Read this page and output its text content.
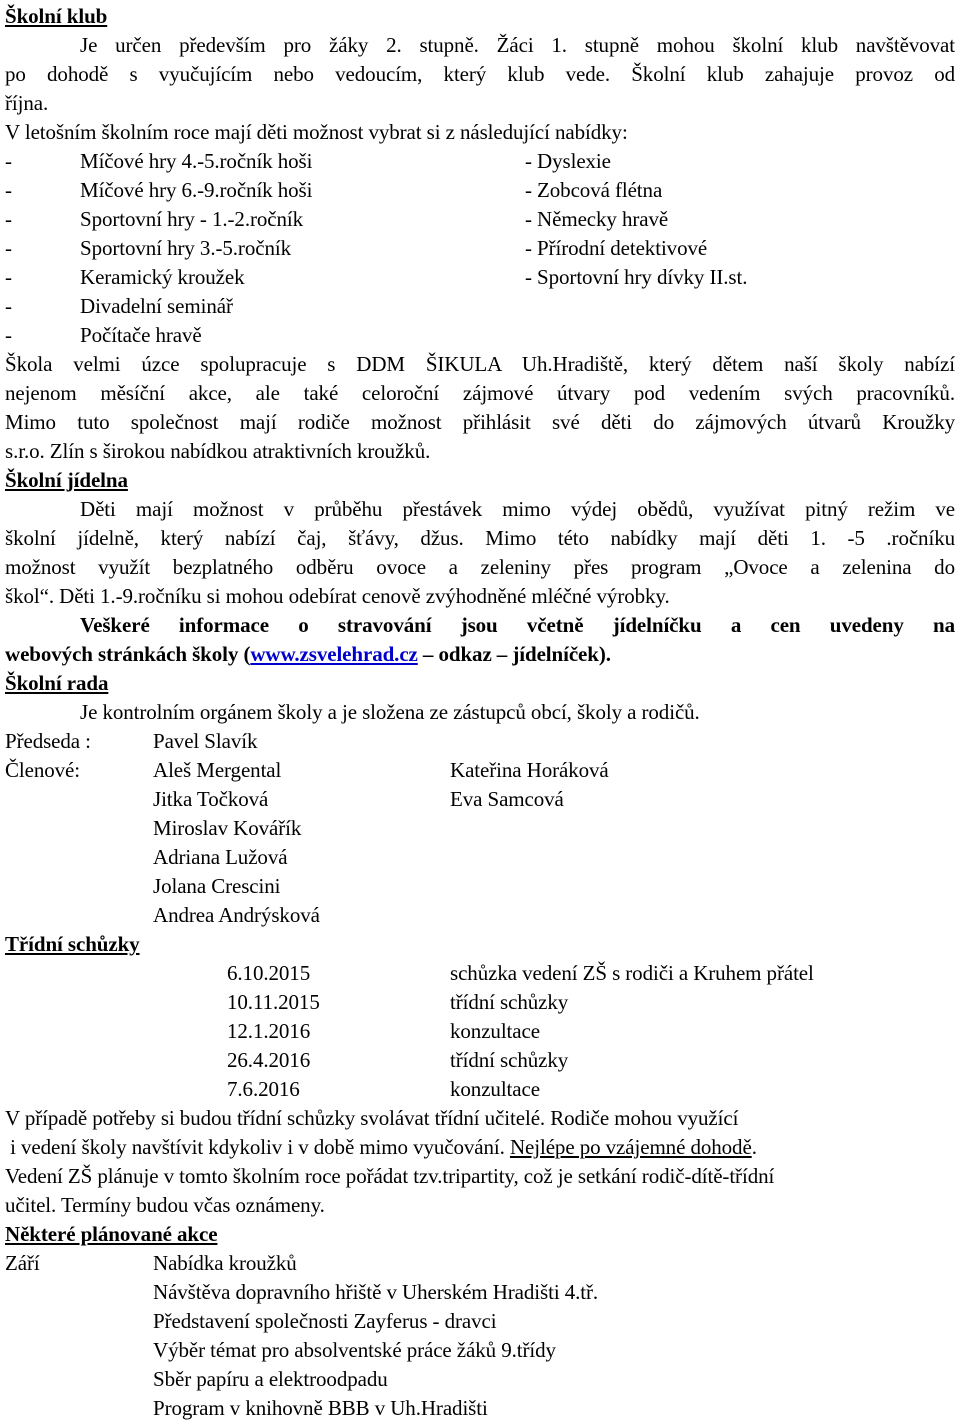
Školní klub
Je určen především pro žáky 2. stupně. Žáci 1. stupně mohou školní klub navštěvovat
po dohodě s vyučujícím nebo vedoucím, který klub vede. Školní klub zahajuje provoz od
října.
V letošním školním roce mají děti možnost vybrat si z následující nabídky:
-	Míčové hry 4.-5.ročník hoši	- Dyslexie
-	Míčové hry 6.-9.ročník hoši	- Zobcová flétna
-	Sportovní hry - 1.-2.ročník	- Německy hravě
-	Sportovní hry 3.-5.ročník	- Přírodní detektivové
-	Keramický kroužek	- Sportovní hry dívky II.st.
-	Divadelní seminář
-	Počítače hravě
Škola velmi úzce spolupracuje s DDM ŠIKULA Uh.Hradiště, který dětem naší školy nabízí
nejenom měsíční akce, ale také celoroční zájmové útvary pod vedením svých pracovníků.
Mimo tuto společnost mají rodiče možnost přihlásit své děti do zájmových útvarů Kroužky
s.r.o. Zlín s širokou nabídkou atraktivních kroužků.
Školní jídelna
Děti mají možnost v průběhu přestávek mimo výdej obědů, využívat pitný režim ve
školní jídelně, který nabízí čaj, šťávy, džus. Mimo této nabídky mají děti 1. -5 .ročníku
možnost využít bezplatného odběru ovoce a zeleniny přes program „Ovoce a zelenina do
škol“. Děti 1.-9.ročníku si mohou odebírat cenově zvýhodněné mléčné výrobky.
Veškeré informace o stravování jsou včetně jídelníčku a cen uvedeny na
webových stránkách školy (www.zsvelehrad.cz – odkaz – jídelníček).
Školní rada
Je kontrolním orgánem školy a je složena ze zástupců obcí, školy a rodičů.
Předseda :	Pavel Slavík
Členové:	Aleš Mergental	Kateřina Horáková
Jitka Točková	Eva Samcová
Miroslav Kovářík
Adriana Lužová
Jolana Crescini
Andrea Andrýsková
Třídní schůzky
6.10.2015	schůzka vedení ZŠ s rodiči a Kruhem přátel
10.11.2015	třídní schůzky
12.1.2016	konzultace
26.4.2016	třídní schůzky
7.6.2016	konzultace
V případě potřeby si budou třídní schůzky svolávat třídní učitelé. Rodiče mohou využící
i vedení školy navštívit kdykoliv i v době mimo vyučování. Nejlépe po vzájemné dohodě.
Vedení ZŠ plánuje v tomto školním roce pořádat tzv.tripartity, což je setkání rodič-dítě-třídní
učitel. Termíny budou včas oznámeny.
Některé plánované akce
Září	Nabídka kroužků
Návštěva dopravního hřiště v Uherském Hradišti 4.tř.
Představení společnosti Zayferus - dravci
Výběr témat pro absolventské práce žáků 9.třídy
Sběr papíru a elektroodpadu
Program v knihovně BBB v Uh.Hradišti
